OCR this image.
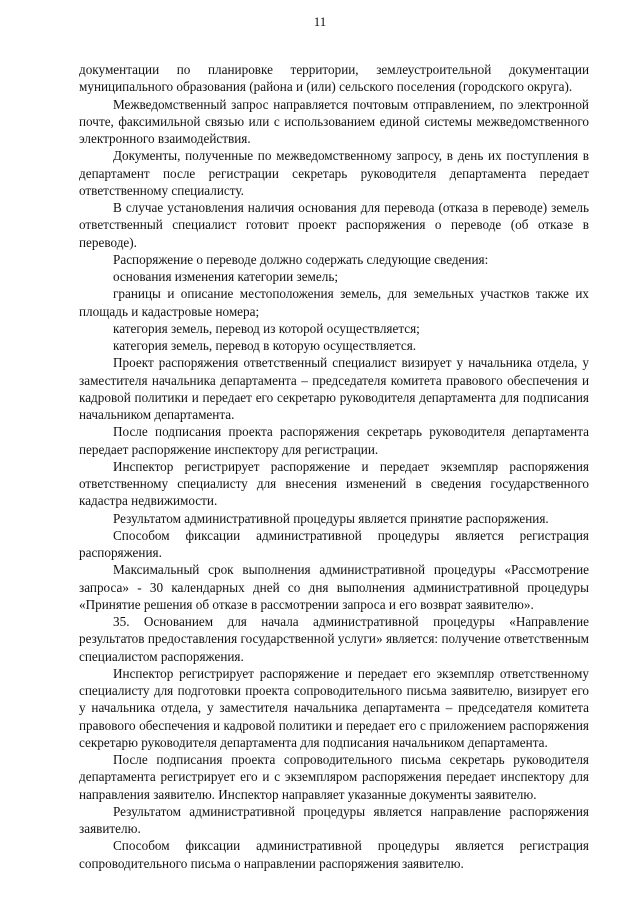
11

документации по планировке территории, землеустроительной документации муниципального образования (района и (или) сельского поселения (городского округа).

Межведомственный запрос направляется почтовым отправлением, по электронной почте, факсимильной связью или с использованием единой системы межведомственного электронного взаимодействия.

Документы, полученные по межведомственному запросу, в день их поступления в департамент после регистрации секретарь руководителя департамента передает ответственному специалисту.

В случае установления наличия основания для перевода (отказа в переводе) земель ответственный специалист готовит проект распоряжения о переводе (об отказе в переводе).

Распоряжение о переводе должно содержать следующие сведения:

основания изменения категории земель;

границы и описание местоположения земель, для земельных участков также их площадь и кадастровые номера;

категория земель, перевод из которой осуществляется;

категория земель, перевод в которую осуществляется.

Проект распоряжения ответственный специалист визирует у начальника отдела, у заместителя начальника департамента – председателя комитета правового обеспечения и кадровой политики и передает его секретарю руководителя департамента для подписания начальником департамента.

После подписания проекта распоряжения секретарь руководителя департамента передает распоряжение инспектору для регистрации.

Инспектор регистрирует распоряжение и передает экземпляр распоряжения ответственному специалисту для внесения изменений в сведения государственного кадастра недвижимости.

Результатом административной процедуры является принятие распоряжения.

Способом фиксации административной процедуры является регистрация распоряжения.

Максимальный срок выполнения административной процедуры «Рассмотрение запроса» - 30 календарных дней со дня выполнения административной процедуры «Принятие решения об отказе в рассмотрении запроса и его возврат заявителю».

35. Основанием для начала административной процедуры «Направление результатов предоставления государственной услуги» является: получение ответственным специалистом распоряжения.

Инспектор регистрирует распоряжение и передает его экземпляр ответственному специалисту для подготовки проекта сопроводительного письма заявителю, визирует его у начальника отдела, у заместителя начальника департамента – председателя комитета правового обеспечения и кадровой политики и передает его с приложением распоряжения секретарю руководителя департамента для подписания начальником департамента.

После подписания проекта сопроводительного письма секретарь руководителя департамента регистрирует его и с экземпляром распоряжения передает инспектору для направления заявителю. Инспектор направляет указанные документы заявителю.

Результатом административной процедуры является направление распоряжения заявителю.

Способом фиксации административной процедуры является регистрация сопроводительного письма о направлении распоряжения заявителю.
